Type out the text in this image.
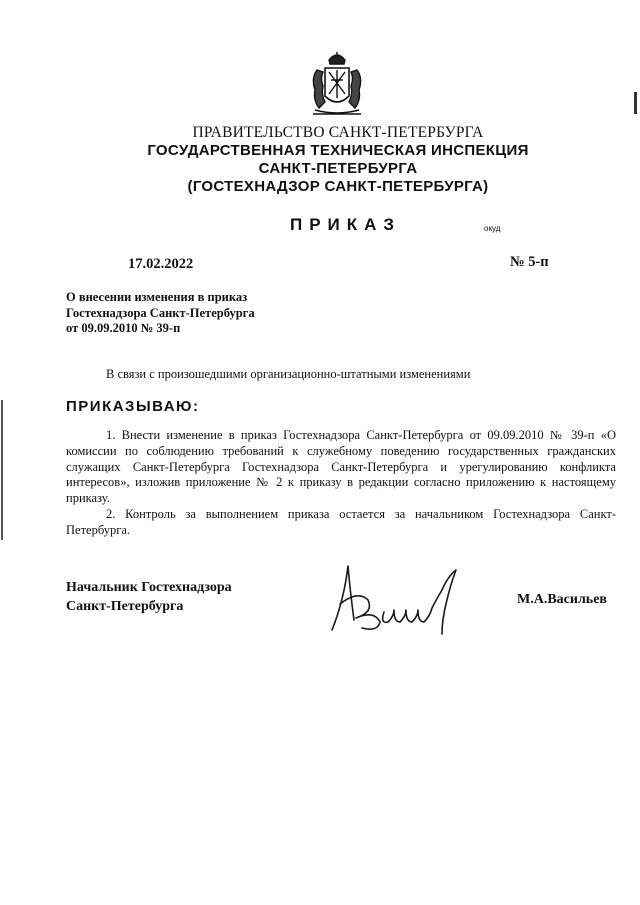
ПРАВИТЕЛЬСТВО САНКТ-ПЕТЕРБУРГА
ГОСУДАРСТВЕННАЯ ТЕХНИЧЕСКАЯ ИНСПЕКЦИЯ
САНКТ-ПЕТЕРБУРГА
(ГОСТЕХНАДЗОР САНКТ-ПЕТЕРБУРГА)
ПРИКАЗ	окуд
17.02.2022	№ 5-п
О внесении изменения в приказ
Гостехнадзора Санкт-Петербурга
от 09.09.2010 № 39-п
В связи с произошедшими организационно-штатными изменениями
ПРИКАЗЫВАЮ:

1. Внести изменение в приказ Гостехнадзора Санкт-Петербурга от 09.09.2010 № 39-п «О комиссии по соблюдению требований к служебному поведению государственных гражданских служащих Санкт-Петербурга Гостехнадзора Санкт-Петербурга и урегулированию конфликта интересов», изложив приложение № 2 к приказу в редакции согласно приложению к настоящему приказу.

2. Контроль за выполнением приказа остается за начальником Гостехнадзора Санкт-Петербурга.

Начальник Гостехнадзора
Санкт-Петербурга	М.А.Васильев
